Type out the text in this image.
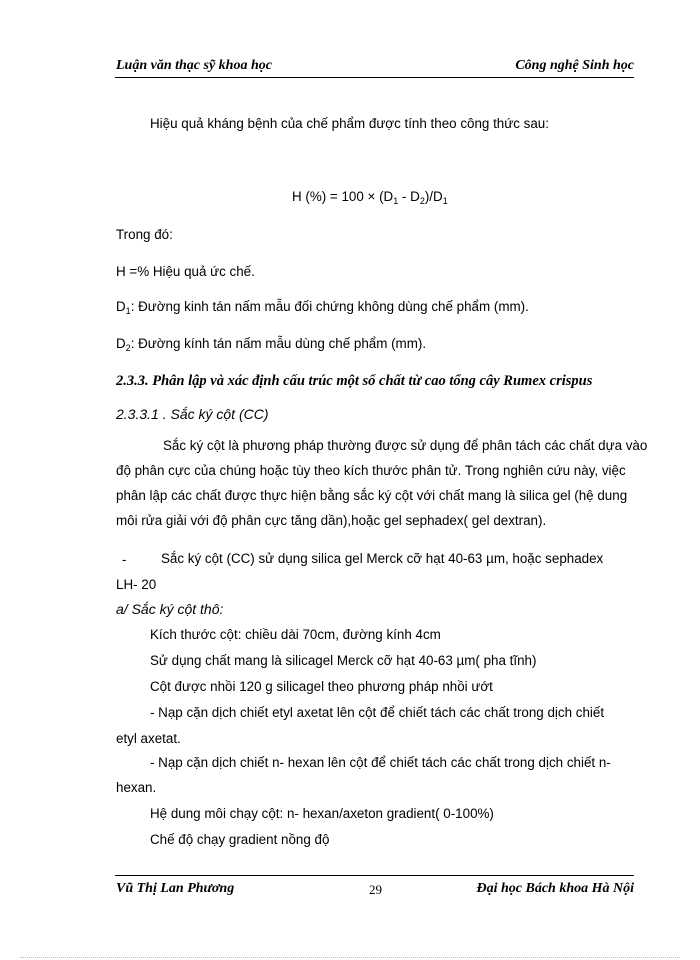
Luận văn thạc sỹ khoa học	Công nghệ Sinh học
Hiệu quả kháng bệnh của chế phẩm được tính theo công thức sau:
H (%) = $100 \times (D_1 - D_2)/D_1$
Trong đó:
H =% Hiệu quả ức chế.
$D_1$: Đường kinh tán nấm mẫu đối chứng không dùng chế phẩm (mm).
$D_2$: Đường kính tán nấm mẫu dùng chế phẩm (mm).
2.3.3. Phân lập và xác định cấu trúc một số chất từ cao tổng cây Rumex crispus
2.3.3.1 . Sắc ký cột (CC)
Sắc ký cột là phương pháp thường được sử dụng để phân tách các chất dựa vào
độ phân cực của chúng hoặc tùy theo kích thước phân tử. Trong nghiên cứu này, việc
phân lập các chất được thực hiện bằng sắc ký cột với chất mang là silica gel (hệ dung
môi rửa giải với độ phân cực tăng dần),hoặc gel sephadex( gel dextran).
-	Sắc ký cột (CC) sử dụng silica gel Merck cỡ hạt 40-63 µm, hoặc sephadex
LH- 20
a/ Sắc ký cột thô:
Kích thước cột: chiều dài 70cm, đường kính 4cm
Sử dụng chất mang là silicagel Merck cỡ hạt 40-63 µm( pha tĩnh)
Cột được nhồi 120 g silicagel theo phương pháp nhồi ướt
- Nạp cặn dịch chiết etyl axetat lên cột để chiết tách các chất trong dịch chiết
etyl axetat.
- Nạp cặn dịch chiết n- hexan lên cột để chiết tách các chất trong dịch chiết n-
hexan.
Hệ dung môi chạy cột: n- hexan/axeton gradient( 0-100%)
Chế độ chạy gradient nồng độ
Vũ Thị Lan Phương	29	Đại học Bách khoa Hà Nội
